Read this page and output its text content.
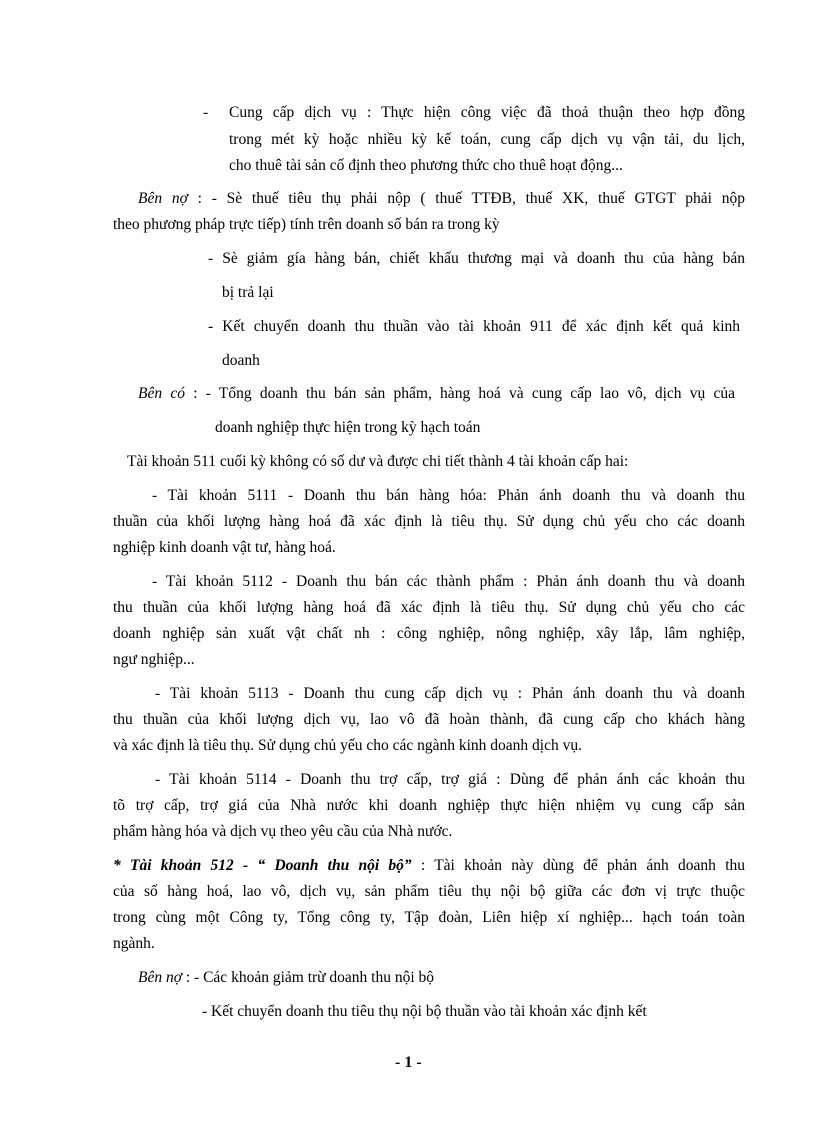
- Cung cấp dịch vụ : Thực hiện công việc đã thoả thuận theo hợp đồng
trong mét kỳ hoặc nhiều kỳ kế toán, cung cấp dịch vụ vận tải, du lịch,
cho thuê tài sản cố định theo phương thức cho thuê hoạt động...
Bên nợ : - Sè thuế tiêu thụ phải nộp ( thuế TTĐB, thuế XK, thuế GTGT phải nộp
theo phương pháp trực tiếp) tính trên doanh số bán ra trong kỳ
- Sè giảm gía hàng bán, chiết khấu thương mại và doanh thu của hàng bán
bị trả lại
- Kết chuyển doanh thu thuần vào tài khoản 911 để xác định kết quả kinh
doanh
Bên có : - Tổng doanh thu bán sản phẩm, hàng hoá và cung cấp lao vô, dịch vụ của
doanh nghiệp thực hiện trong kỳ hạch toán
Tài khoản 511 cuối kỳ không có số dư và được chi tiết thành 4 tài khoản cấp hai:
- Tài khoản 5111 - Doanh thu bán hàng hóa: Phản ánh doanh thu và doanh thu
thuần của khối lượng hàng hoá đã xác định là tiêu thụ. Sử dụng chủ yếu cho các doanh
nghiệp kinh doanh vật tư, hàng hoá.
- Tài khoản 5112 - Doanh thu bán các thành phẩm : Phản ánh doanh thu và doanh
thu thuần của khối lượng hàng hoá đã xác định là tiêu thụ. Sử dụng chủ yếu cho các
doanh nghiệp sản xuất vật chất nh : công nghiệp, nông nghiệp, xây lắp, lâm nghiệp,
ngư nghiệp...
- Tài khoản 5113 - Doanh thu cung cấp dịch vụ : Phản ánh doanh thu và doanh
thu thuần của khối lượng dịch vụ, lao vô đã hoàn thành, đã cung cấp cho khách hàng
và xác định là tiêu thụ. Sử dụng chủ yếu cho các ngành kinh doanh dịch vụ.
- Tài khoản 5114 - Doanh thu trợ cấp, trợ giá : Dùng để phản ánh các khoản thu
tõ trợ cấp, trợ giá của Nhà nước khi doanh nghiệp thực hiện nhiệm vụ cung cấp sản
phẩm hàng hóa và dịch vụ theo yêu cầu của Nhà nước.
* Tài khoản 512 - “ Doanh thu nội bộ” : Tài khoản này dùng để phản ánh doanh thu
của số hàng hoá, lao vô, dịch vụ, sản phẩm tiêu thụ nội bộ giữa các đơn vị trực thuộc
trong cùng một Công ty, Tổng công ty, Tập đoàn, Liên hiệp xí nghiệp... hạch toán toàn
ngành.
Bên nợ : - Các khoản giảm trừ doanh thu nội bộ
- Kết chuyển doanh thu tiêu thụ nội bộ thuần vào tài khoản xác định kết
- 1 -
